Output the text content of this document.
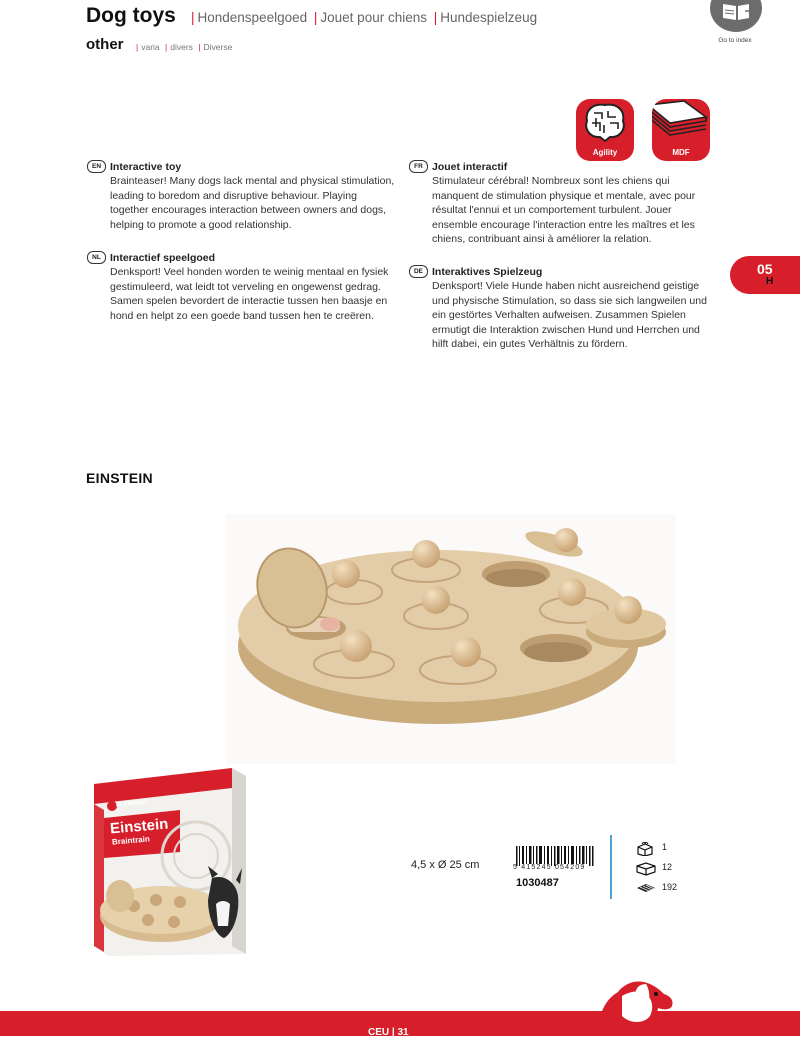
Dog toys | Hondenspeelgoed | Jouet pour chiens | Hundespielzeug
other	| varia | divers | Diverse
Go to index
Agility	MDF
EN Interactive toy
Brainteaser! Many dogs lack mental and physical stimulation, leading to boredom and disruptive behaviour. Playing together encourages interaction between owners and dogs, helping to promote a good relationship.
NL Interactief speelgoed
Denksport! Veel honden worden te weinig mentaal en fysiek gestimuleerd, wat leidt tot verveling en ongewenst gedrag. Samen spelen bevordert de interactie tussen hen baasje en hond en helpt zo een goede band tussen hen te creëren.
FR Jouet interactif
Stimulateur cérébral! Nombreux sont les chiens qui manquent de stimulation physique et mentale, avec pour résultat l'ennui et un comportement turbulent. Jouer ensemble encourage l'interaction entre les maîtres et les chiens, contribuant ainsi à améliorer la relation.
DE Interaktives Spielzeug
Denksport! Viele Hunde haben nicht ausreichend geistige und physische Stimulation, so dass sie sich langweilen und ein gestörtes Verhalten aufweisen. Zusammen Spielen ermutigt die Interaktion zwischen Hund und Herrchen und hilft dabei, ein gutes Verhältnis zu fördern.
05
H
EINSTEIN
FLAMINGO
Einstein
Braintrain
4,5 x Ø 25 cm	5 415245 054209
1030487
1
12
192
CEU | 31
